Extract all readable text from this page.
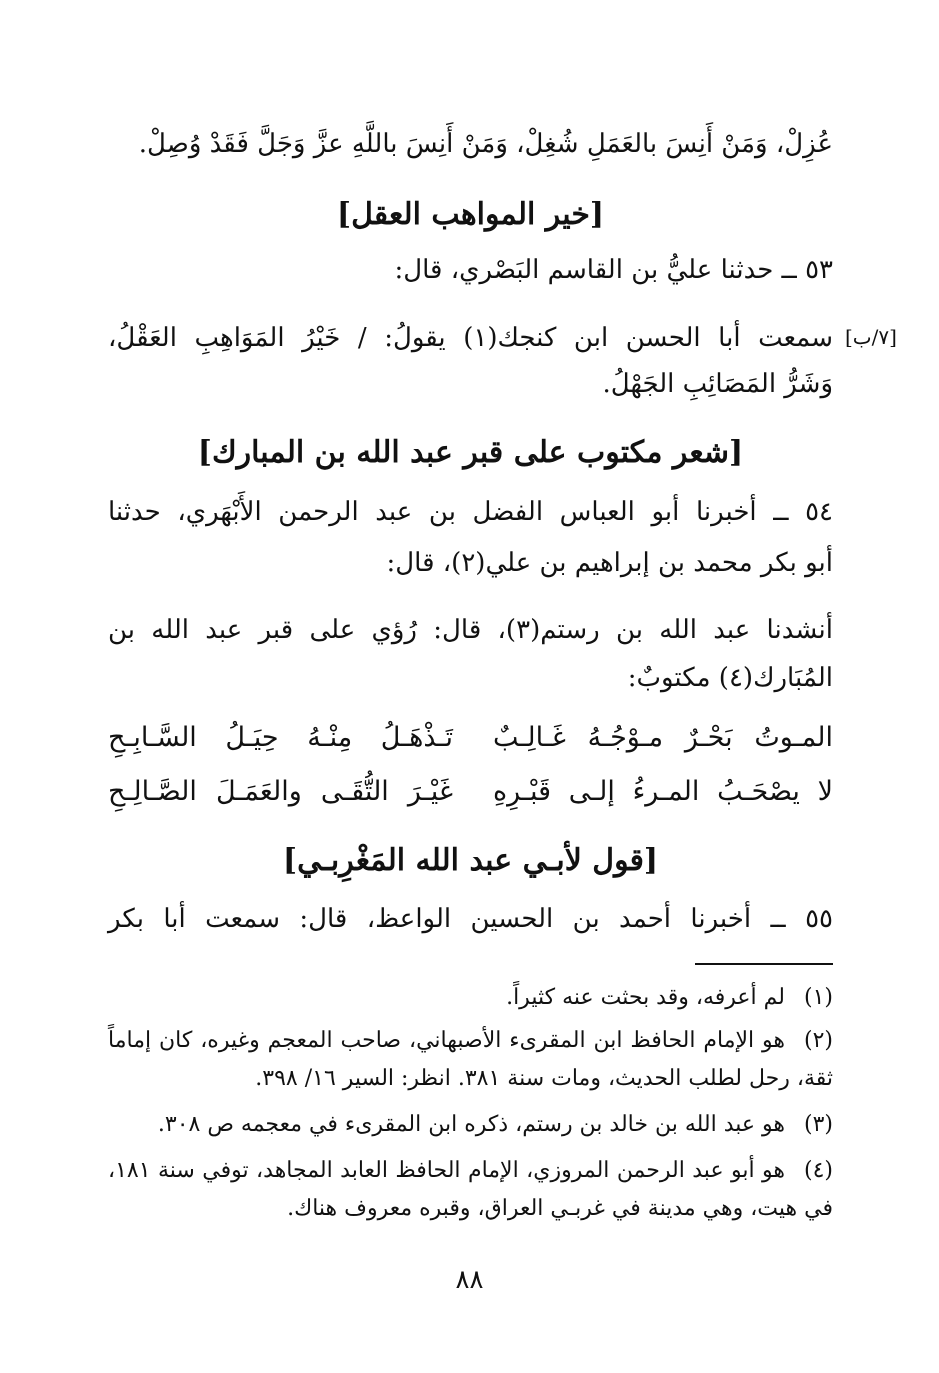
عُزِلْ، وَمَنْ أَنِسَ بالعَمَلِ شُغِلْ، وَمَنْ أَنِسَ باللَّهِ عزَّ وَجَلَّ فَقَدْ وُصِلْ.
[خير المواهب العقل]
٥٣ ــ حدثنا عليُّ بن القاسم البَصْري، قال:
[٧/ب]
سمعت أبا الحسن ابن كنجك(١) يقولُ: / خَيْرُ المَوَاهِبِ العَقْلُ،
وَشَرُّ المَصَائِبِ الجَهْلُ.
[شعر مكتوب على قبر عبد الله بن المبارك]
٥٤ ــ أخبرنا أبو العباس الفضل بن عبد الرحمن الأَبْهَري، حدثنا
أبو بكر محمد بن إبراهيم بن علي(٢)، قال:
أنشدنا عبد الله بن رستم(٣)، قال: رُؤي على قبر عبد الله بن
المُبَارك(٤) مكتوبٌ:
المـوتُ بَحْـرٌ مـوْجُـهُ غَـالِـبٌ
تَـذْهَـلُ مِنْـهُ حِيَـلُ السَّـابِـحِ
لا يصْحَـبُ المـرءُ إلـى قَبْـرِهِ
غَيْـرَ التُّقَـى والعَمَـلَ الصَّـالِـحِ
[قول لأبـي عبد الله المَغْرِبـي]
٥٥ ــ أخبرنا أحمد بن الحسين الواعظ، قال: سمعت أبا بكر
(١)
لم أعرفه، وقد بحثت عنه كثيراً.
(٢)
هو الإمام الحافظ ابن المقرىء الأصبهاني، صاحب المعجم وغيره، كان إماماً
ثقة، رحل لطلب الحديث، ومات سنة ٣٨١. انظر: السير ١٦/ ٣٩٨.
(٣)
هو عبد الله بن خالد بن رستم، ذكره ابن المقرىء في معجمه ص ٣٠٨.
(٤)
هو أبو عبد الرحمن المروزي، الإمام الحافظ العابد المجاهد، توفي سنة ١٨١،
في هيت، وهي مدينة في غربـي العراق، وقبره معروف هناك.
٨٨
